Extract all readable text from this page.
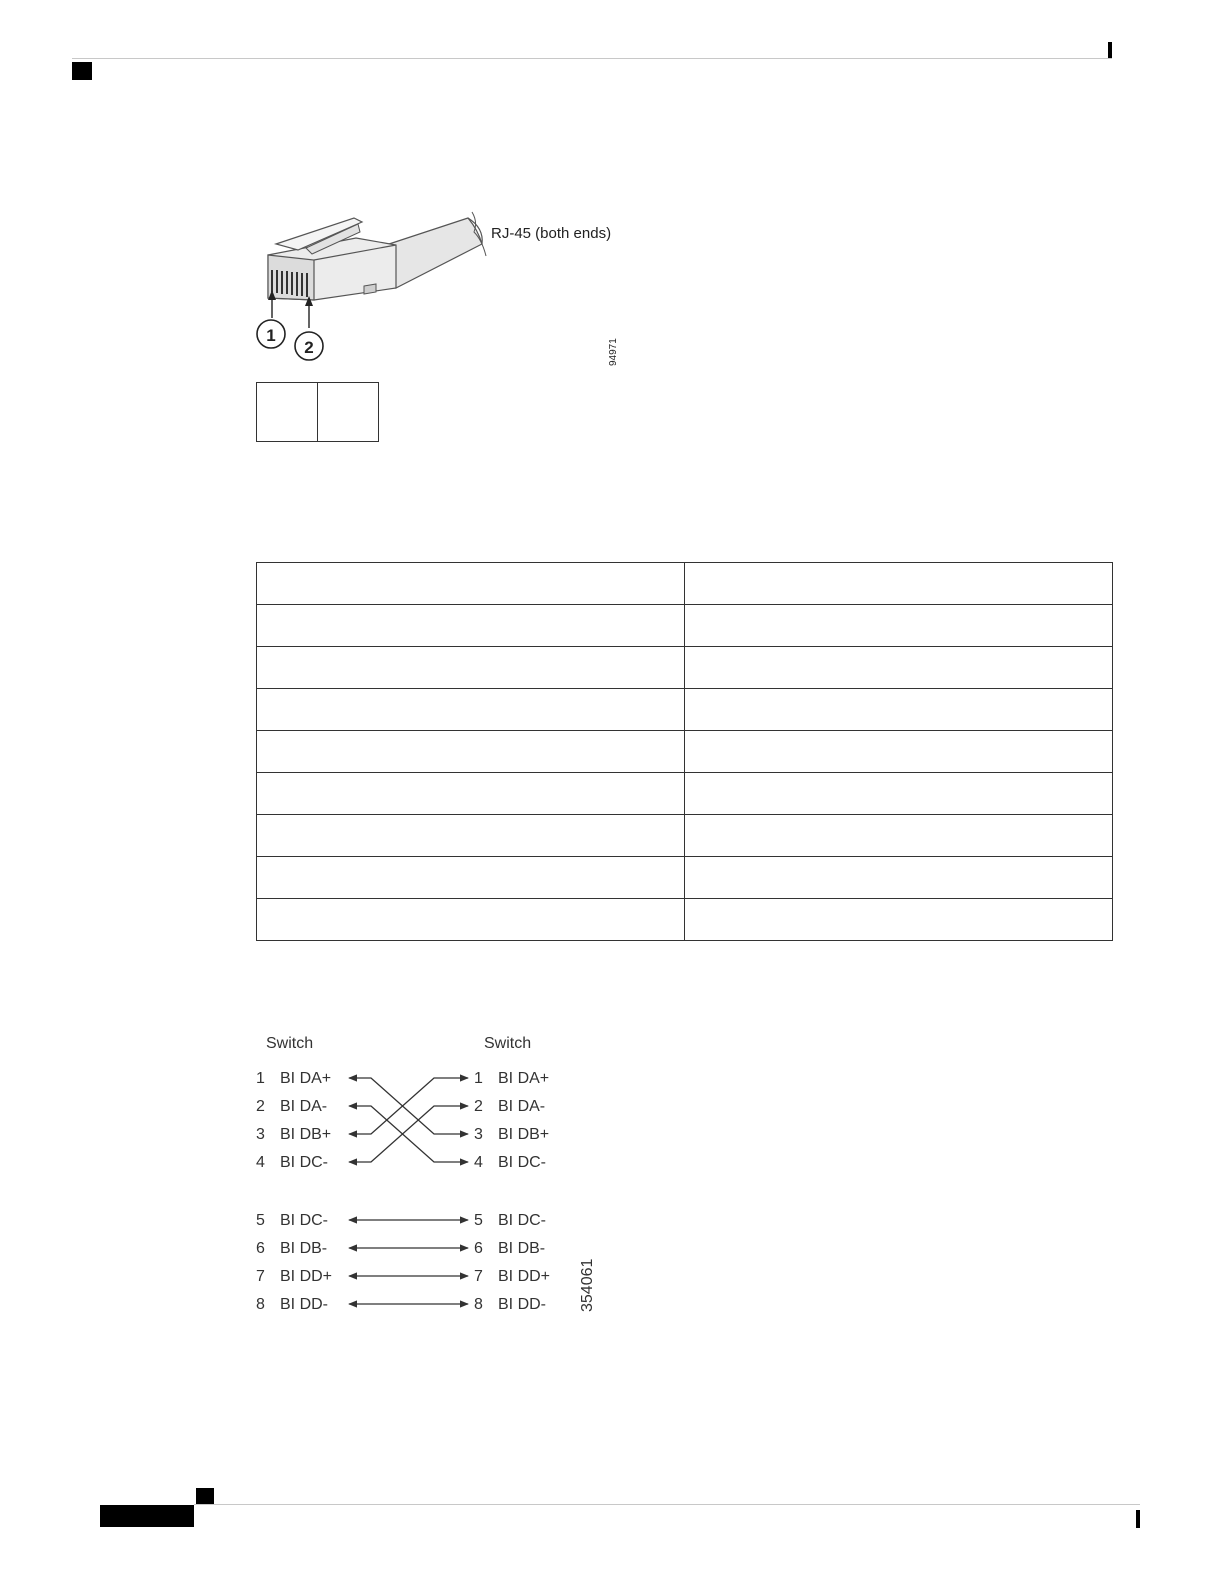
1
2
RJ-45 (both ends)
94971

Switch	Switch
1 BI DA+
2 BI DA-
3 BI DB+
4 BI DC-
5 BI DC-
6 BI DB-
7 BI DD+
8 BI DD-
1 BI DA+
2 BI DA-
3 BI DB+
4 BI DC-
5 BI DC-
6 BI DB-
7 BI DD+
8 BI DD- 354061
